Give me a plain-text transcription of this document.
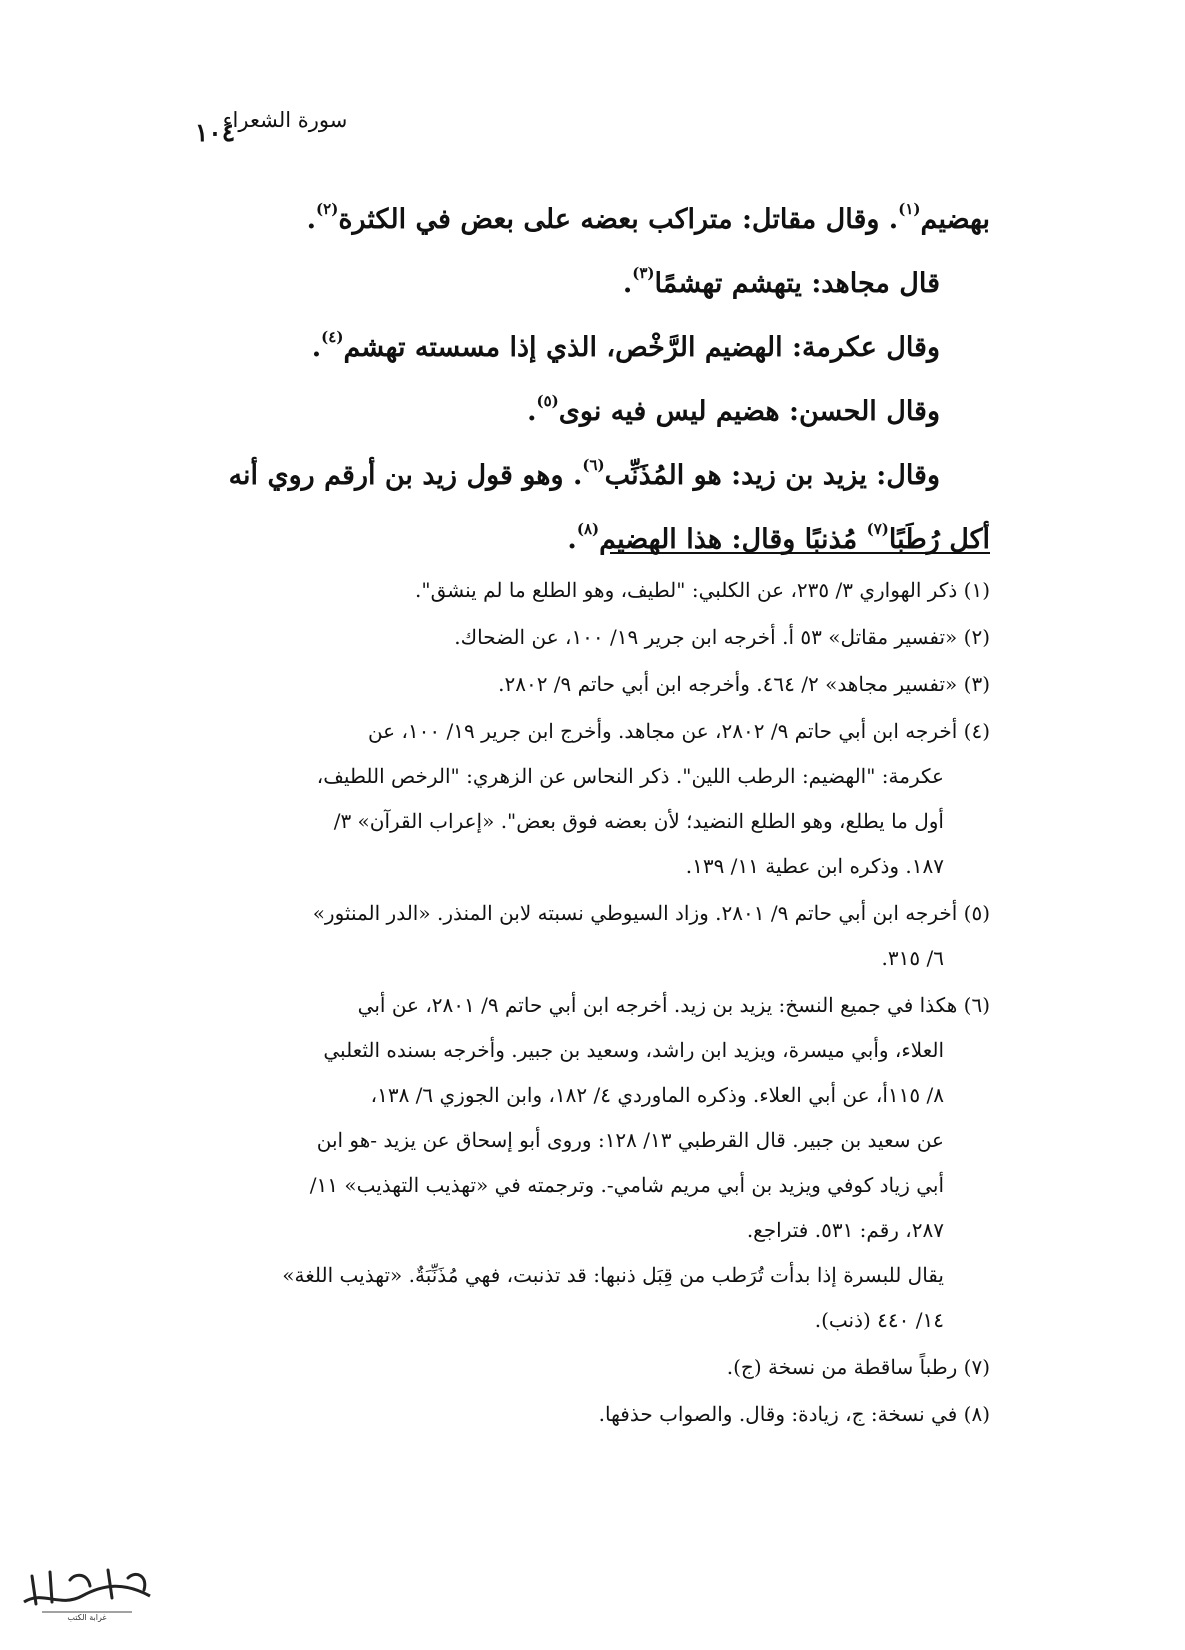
سورة الشعراء
١٠٤

بهضيم$^{(١)}$. وقال مقاتل: متراكب بعضه على بعض في الكثرة$^{(٢)}$.

قال مجاهد: يتهشم تهشمًا$^{(٣)}$.

وقال عكرمة: الهضيم الرَّخْص، الذي إذا مسسته تهشم$^{(٤)}$.

وقال الحسن: هضيم ليس فيه نوى$^{(٥)}$.

وقال: يزيد بن زيد: هو المُذَنِّب$^{(٦)}$. وهو قول زيد بن أرقم روي أنه

أكل رُطَبًا$^{(٧)}$ مُذنبًا وقال: هذا الهضيم$^{(٨)}$.

(١) ذكر الهواري ٣/ ٢٣٥، عن الكلبي: "لطيف، وهو الطلع ما لم ينشق".
(٢) «تفسير مقاتل» ٥٣ أ. أخرجه ابن جرير ١٩/ ١٠٠، عن الضحاك.
(٣) «تفسير مجاهد» ٢/ ٤٦٤. وأخرجه ابن أبي حاتم ٩/ ٢٨٠٢.
(٤) أخرجه ابن أبي حاتم ٩/ ٢٨٠٢، عن مجاهد. وأخرج ابن جرير ١٩/ ١٠٠، عن
عكرمة: "الهضيم: الرطب اللين". ذكر النحاس عن الزهري: "الرخص اللطيف،
أول ما يطلع، وهو الطلع النضيد؛ لأن بعضه فوق بعض". «إعراب القرآن» ٣/
١٨٧. وذكره ابن عطية ١١/ ١٣٩.
(٥) أخرجه ابن أبي حاتم ٩/ ٢٨٠١. وزاد السيوطي نسبته لابن المنذر. «الدر المنثور»
٦/ ٣١٥.
(٦) هكذا في جميع النسخ: يزيد بن زيد. أخرجه ابن أبي حاتم ٩/ ٢٨٠١، عن أبي
العلاء، وأبي ميسرة، ويزيد ابن راشد، وسعيد بن جبير. وأخرجه بسنده الثعلبي
٨/ ١١٥أ، عن أبي العلاء. وذكره الماوردي ٤/ ١٨٢، وابن الجوزي ٦/ ١٣٨،
عن سعيد بن جبير. قال القرطبي ١٣/ ١٢٨: وروى أبو إسحاق عن يزيد -هو ابن
أبي زياد كوفي ويزيد بن أبي مريم شامي-. وترجمته في «تهذيب التهذيب» ١١/
٢٨٧، رقم: ٥٣١. فتراجع.
يقال للبسرة إذا بدأت تُرَطب من قِبَل ذنبها: قد تذنبت، فهي مُذَنِّبَةٌ. «تهذيب اللغة»
١٤/ ٤٤٠ (ذنب).
(٧) رطباً ساقطة من نسخة (ج).
(٨) في نسخة: ج، زيادة: وقال. والصواب حذفها.
غرابة الكتب
